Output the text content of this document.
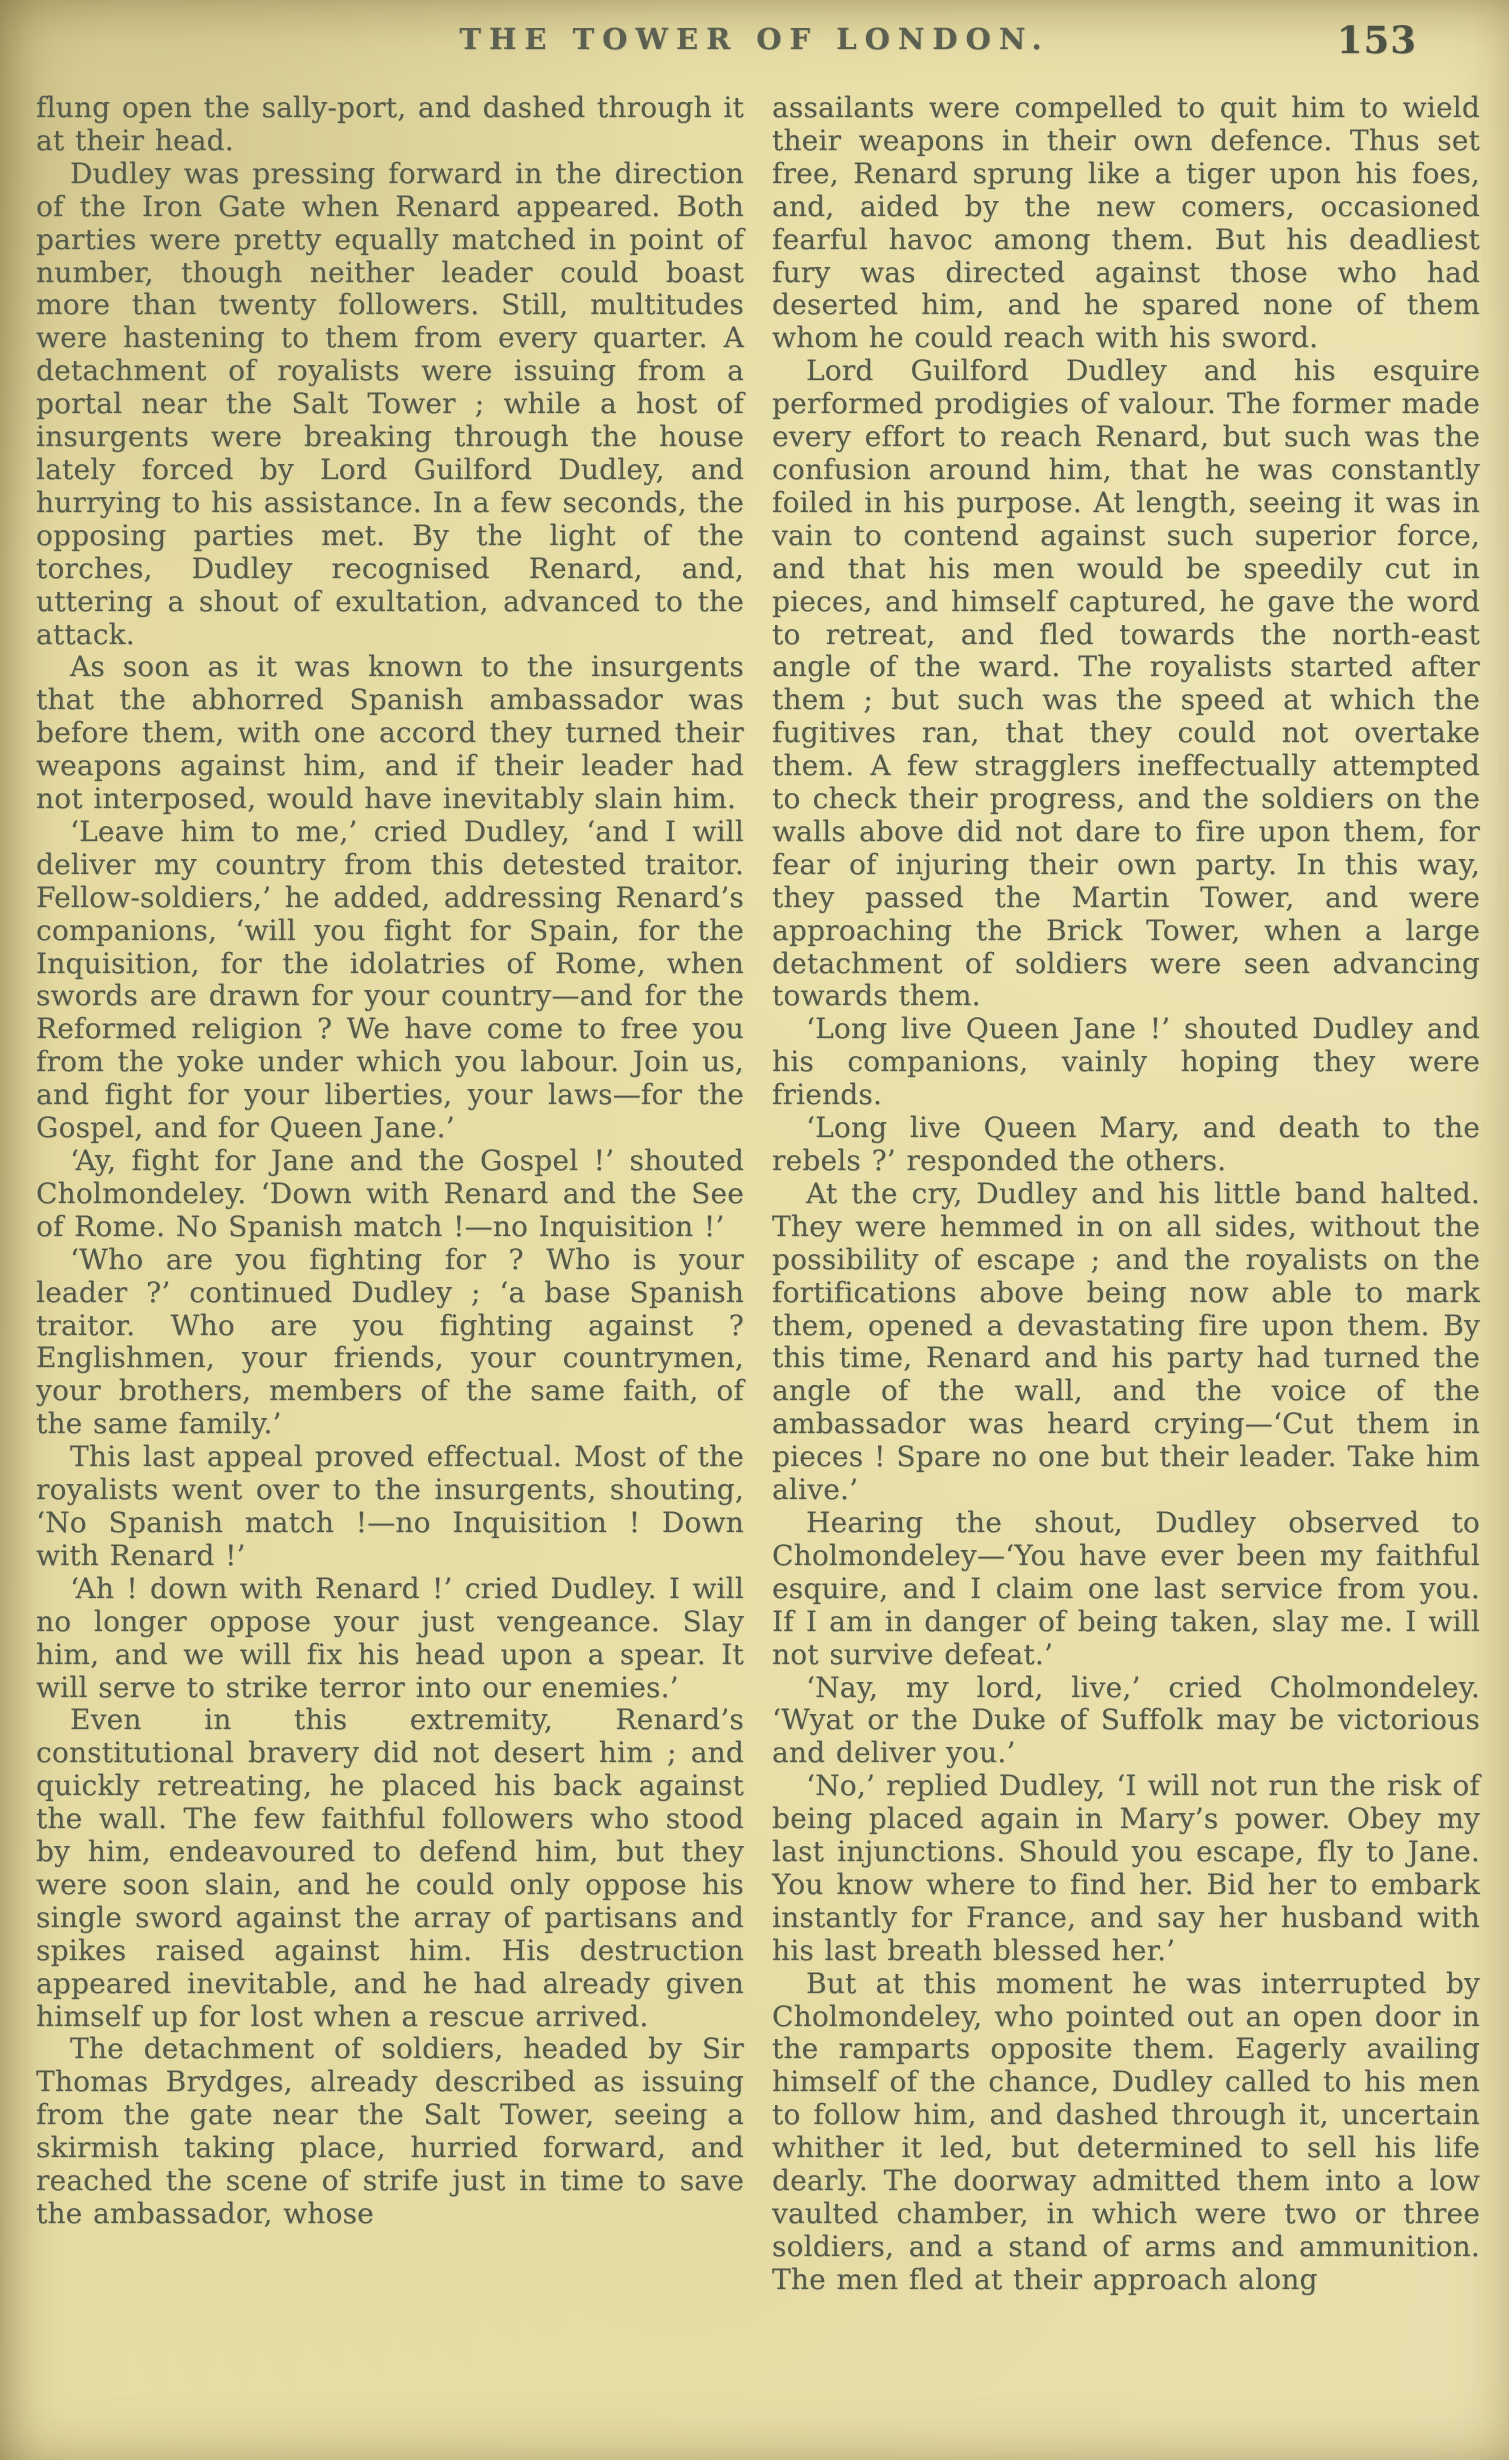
THE TOWER OF LONDON.	153

flung open the sally-port, and dashed through it at their head.

Dudley was pressing forward in the direction of the Iron Gate when Renard appeared. Both parties were pretty equally matched in point of number, though neither leader could boast more than twenty followers. Still, multitudes were hastening to them from every quarter. A detachment of royalists were issuing from a portal near the Salt Tower ; while a host of insurgents were breaking through the house lately forced by Lord Guilford Dudley, and hurrying to his assistance. In a few seconds, the opposing parties met. By the light of the torches, Dudley recognised Renard, and, uttering a shout of exultation, advanced to the attack.

As soon as it was known to the insurgents that the abhorred Spanish ambassador was before them, with one accord they turned their weapons against him, and if their leader had not interposed, would have inevitably slain him.

‘Leave him to me,’ cried Dudley, ‘and I will deliver my country from this detested traitor. Fellow-soldiers,’ he added, addressing Renard’s companions, ‘will you fight for Spain, for the Inquisition, for the idolatries of Rome, when swords are drawn for your country—and for the Reformed religion ? We have come to free you from the yoke under which you labour. Join us, and fight for your liberties, your laws—for the Gospel, and for Queen Jane.’

‘Ay, fight for Jane and the Gospel !’ shouted Cholmondeley. ‘Down with Renard and the See of Rome. No Spanish match !—no Inquisition !’

‘Who are you fighting for ? Who is your leader ?’ continued Dudley ; ‘a base Spanish traitor. Who are you fighting against ? Englishmen, your friends, your countrymen, your brothers, members of the same faith, of the same family.’

This last appeal proved effectual. Most of the royalists went over to the insurgents, shouting, ‘No Spanish match !—no Inquisition ! Down with Renard !’

‘Ah ! down with Renard !’ cried Dudley. I will no longer oppose your just vengeance. Slay him, and we will fix his head upon a spear. It will serve to strike terror into our enemies.’

Even in this extremity, Renard’s constitutional bravery did not desert him ; and quickly retreating, he placed his back against the wall. The few faithful followers who stood by him, endeavoured to defend him, but they were soon slain, and he could only oppose his single sword against the array of partisans and spikes raised against him. His destruction appeared inevitable, and he had already given himself up for lost when a rescue arrived.

The detachment of soldiers, headed by Sir Thomas Brydges, already described as issuing from the gate near the Salt Tower, seeing a skirmish taking place, hurried forward, and reached the scene of strife just in time to save the ambassador, whose

assailants were compelled to quit him to wield their weapons in their own defence. Thus set free, Renard sprung like a tiger upon his foes, and, aided by the new comers, occasioned fearful havoc among them. But his deadliest fury was directed against those who had deserted him, and he spared none of them whom he could reach with his sword.

Lord Guilford Dudley and his esquire performed prodigies of valour. The former made every effort to reach Renard, but such was the confusion around him, that he was constantly foiled in his purpose. At length, seeing it was in vain to contend against such superior force, and that his men would be speedily cut in pieces, and himself captured, he gave the word to retreat, and fled towards the north-east angle of the ward. The royalists started after them ; but such was the speed at which the fugitives ran, that they could not overtake them. A few stragglers ineffectually attempted to check their progress, and the soldiers on the walls above did not dare to fire upon them, for fear of injuring their own party. In this way, they passed the Martin Tower, and were approaching the Brick Tower, when a large detachment of soldiers were seen advancing towards them.

‘Long live Queen Jane !’ shouted Dudley and his companions, vainly hoping they were friends.

‘Long live Queen Mary, and death to the rebels ?’ responded the others.

At the cry, Dudley and his little band halted. They were hemmed in on all sides, without the possibility of escape ; and the royalists on the fortifications above being now able to mark them, opened a devastating fire upon them. By this time, Renard and his party had turned the angle of the wall, and the voice of the ambassador was heard crying—‘Cut them in pieces ! Spare no one but their leader. Take him alive.’

Hearing the shout, Dudley observed to Cholmondeley—‘You have ever been my faithful esquire, and I claim one last service from you. If I am in danger of being taken, slay me. I will not survive defeat.’

‘Nay, my lord, live,’ cried Cholmondeley. ‘Wyat or the Duke of Suffolk may be victorious and deliver you.’

‘No,’ replied Dudley, ‘I will not run the risk of being placed again in Mary’s power. Obey my last injunctions. Should you escape, fly to Jane. You know where to find her. Bid her to embark instantly for France, and say her husband with his last breath blessed her.’

But at this moment he was interrupted by Cholmondeley, who pointed out an open door in the ramparts opposite them. Eagerly availing himself of the chance, Dudley called to his men to follow him, and dashed through it, uncertain whither it led, but determined to sell his life dearly. The doorway admitted them into a low vaulted chamber, in which were two or three soldiers, and a stand of arms and ammunition. The men fled at their approach along
